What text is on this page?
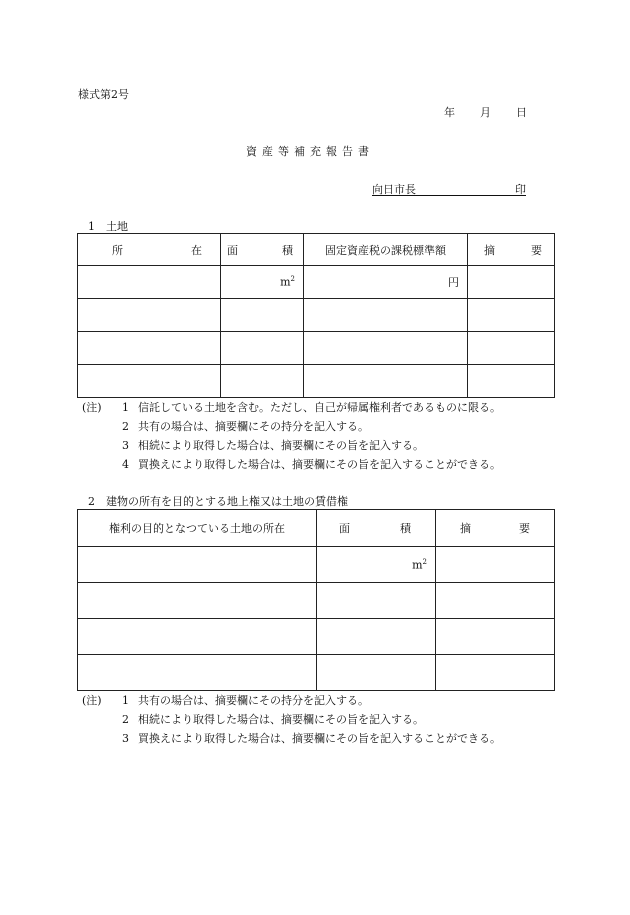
様式第2号
年 月 日
資産等補充報告書
向日市長	印
1　土地
所 在	面 積	固定資産税の課税標準額	摘 要

	$m^2$	円	

(注)	1 信託している土地を含む。ただし、自己が帰属権利者であるものに限る。
2 共有の場合は、摘要欄にその持分を記入する。
3 相続により取得した場合は、摘要欄にその旨を記入する。
4 買換えにより取得した場合は、摘要欄にその旨を記入することができる。
2　建物の所有を目的とする地上権又は土地の賃借権
権利の目的となつている土地の所在	面 積	摘 要

	$m^2$	

(注)	1 共有の場合は、摘要欄にその持分を記入する。
2 相続により取得した場合は、摘要欄にその旨を記入する。
3 買換えにより取得した場合は、摘要欄にその旨を記入することができる。
